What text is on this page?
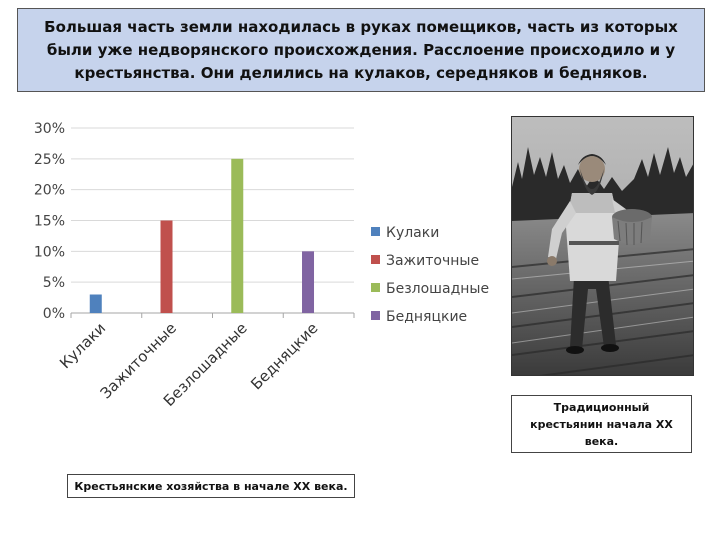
Большая часть земли находилась в руках помещиков, часть из которых были уже недворянского происхождения. Расслоение происходило и у крестьянства. Они делились на кулаков, середняков и бедняков.
0%
5%
10%
15%
20%
25%
30%
Кулаки
Зажиточные
Безлошадные
Бедняцкие
Кулаки
Зажиточные
Безлошадные
Бедняцкие
Крестьянские хозяйства в начале XX века.
Традиционный крестьянин начала XX века.
